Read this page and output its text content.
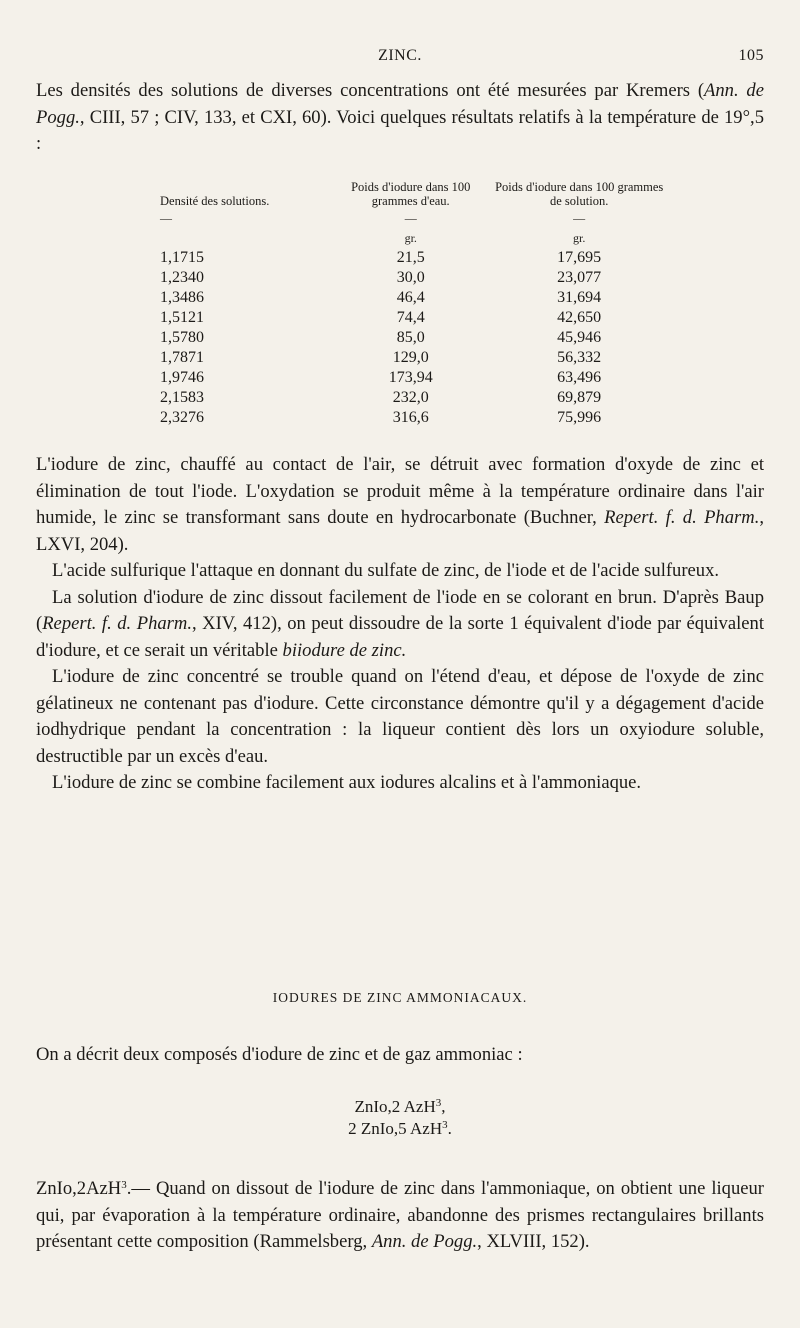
ZINC.	105
Les densités des solutions de diverses concentrations ont été mesurées par Kremers (Ann. de Pogg., CIII, 57 ; CIV, 133, et CXI, 60). Voici quelques résultats relatifs à la température de 19°,5 :
Densité des solutions.	Poids d'iodure dans 100 grammes d'eau.	Poids d'iodure dans 100 grammes de solution.
—	—	—
	gr.	gr.
1,1715	21,5	17,695
1,2340	30,0	23,077
1,3486	46,4	31,694
1,5121	74,4	42,650
1,5780	85,0	45,946
1,7871	129,0	56,332
1,9746	173,94	63,496
2,1583	232,0	69,879
2,3276	316,6	75,996

L'iodure de zinc, chauffé au contact de l'air, se détruit avec formation d'oxyde de zinc et élimination de tout l'iode. L'oxydation se produit même à la température ordinaire dans l'air humide, le zinc se transformant sans doute en hydrocarbonate (Buchner, Repert. f. d. Pharm., LXVI, 204).

L'acide sulfurique l'attaque en donnant du sulfate de zinc, de l'iode et de l'acide sulfureux.

La solution d'iodure de zinc dissout facilement de l'iode en se colorant en brun. D'après Baup (Repert. f. d. Pharm., XIV, 412), on peut dissoudre de la sorte 1 équivalent d'iode par équivalent d'iodure, et ce serait un véritable biiodure de zinc.

L'iodure de zinc concentré se trouble quand on l'étend d'eau, et dépose de l'oxyde de zinc gélatineux ne contenant pas d'iodure. Cette circonstance démontre qu'il y a dégagement d'acide iodhydrique pendant la concentration : la liqueur contient dès lors un oxyiodure soluble, destructible par un excès d'eau.

L'iodure de zinc se combine facilement aux iodures alcalins et à l'ammoniaque.

IODURES DE ZINC AMMONIACAUX.
On a décrit deux composés d'iodure de zinc et de gaz ammoniac :
ZnIo,2 AzH$^3$,
2 ZnIo,5 AzH$^3$.
ZnIo,2AzH$^3$.— Quand on dissout de l'iodure de zinc dans l'ammoniaque, on obtient une liqueur qui, par évaporation à la température ordinaire, abandonne des prismes rectangulaires brillants présentant cette composition (Rammelsberg, Ann. de Pogg., XLVIII, 152).
